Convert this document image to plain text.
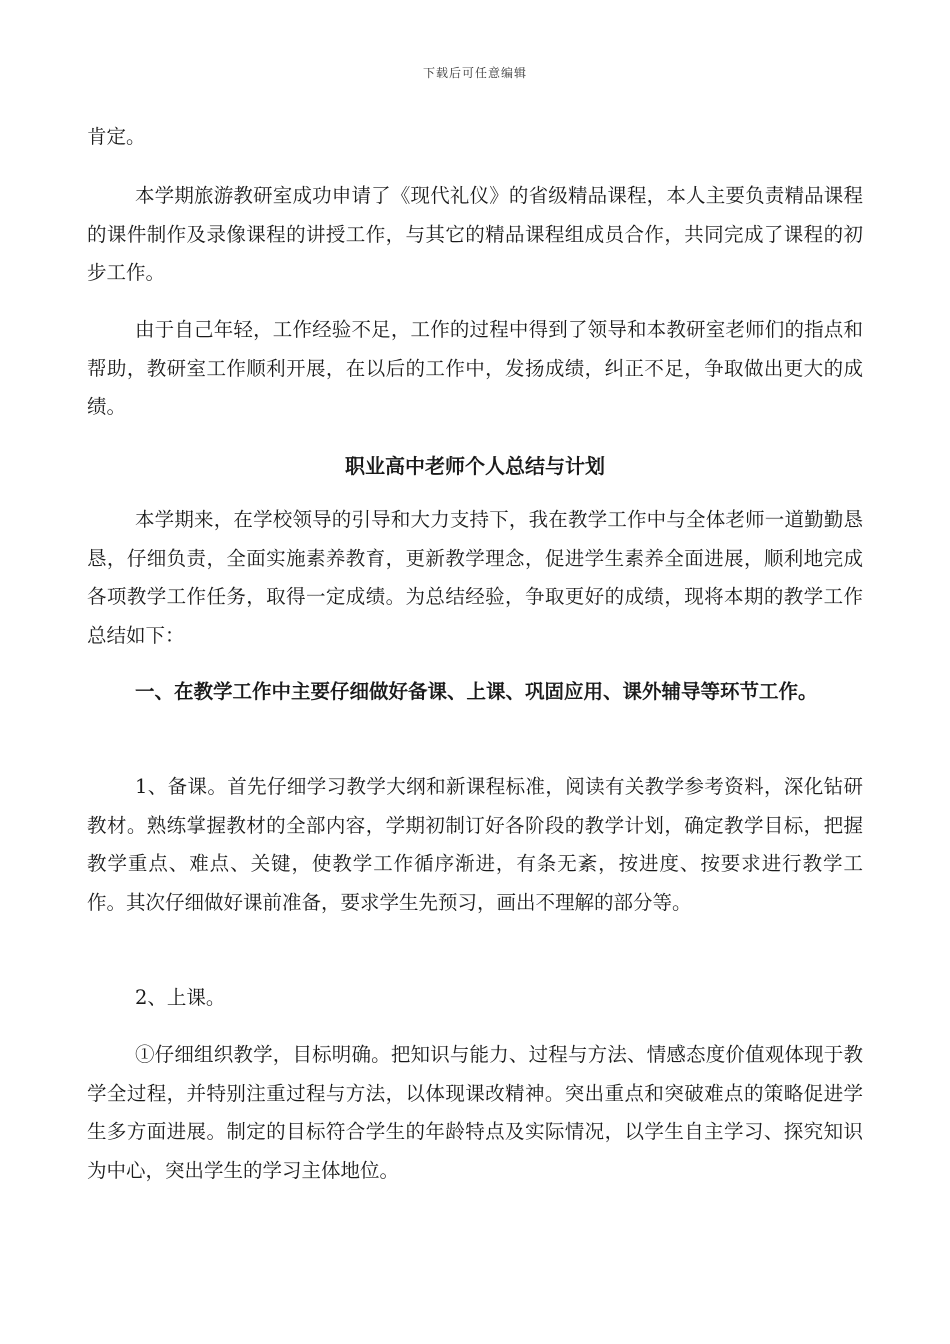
下载后可任意编辑

肯定。

本学期旅游教研室成功申请了《现代礼仪》的省级精品课程，本人主要负责精品课程的课件制作及录像课程的讲授工作，与其它的精品课程组成员合作，共同完成了课程的初步工作。

由于自己年轻，工作经验不足，工作的过程中得到了领导和本教研室老师们的指点和帮助，教研室工作顺利开展，在以后的工作中，发扬成绩，纠正不足，争取做出更大的成绩。

职业高中老师个人总结与计划

本学期来，在学校领导的引导和大力支持下，我在教学工作中与全体老师一道勤勤恳恳，仔细负责，全面实施素养教育，更新教学理念，促进学生素养全面进展，顺利地完成各项教学工作任务，取得一定成绩。为总结经验，争取更好的成绩，现将本期的教学工作总结如下：

一、在教学工作中主要仔细做好备课、上课、巩固应用、课外辅导等环节工作。

1、备课。首先仔细学习教学大纲和新课程标准，阅读有关教学参考资料，深化钻研教材。熟练掌握教材的全部内容，学期初制订好各阶段的教学计划，确定教学目标，把握教学重点、难点、关键，使教学工作循序渐进，有条无紊，按进度、按要求进行教学工作。其次仔细做好课前准备，要求学生先预习，画出不理解的部分等。

2、上课。

①仔细组织教学，目标明确。把知识与能力、过程与方法、情感态度价值观体现于教学全过程，并特别注重过程与方法，以体现课改精神。突出重点和突破难点的策略促进学生多方面进展。制定的目标符合学生的年龄特点及实际情况，以学生自主学习、探究知识为中心，突出学生的学习主体地位。
